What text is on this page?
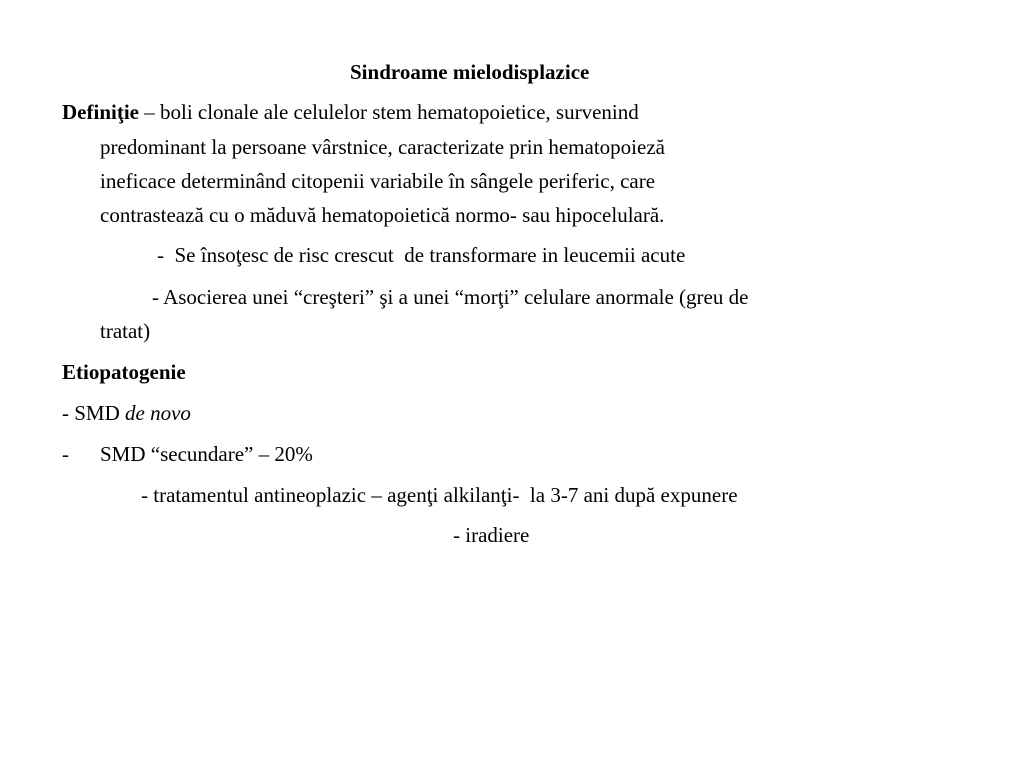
Sindroame mielodisplazice
Definiţie – boli clonale ale celulelor stem hematopoietice, survenind
predominant la persoane vârstnice, caracterizate prin hematopoieză
ineficace determinând citopenii variabile în sângele periferic, care
contrastează cu o măduvă hematopoietică normo- sau hipocelulară.
-  Se însoţesc de risc crescut  de transformare in leucemii acute
- Asocierea unei “creşteri” şi a unei “morţi” celulare anormale (greu de
tratat)
Etiopatogenie
- SMD de novo
- SMD “secundare” – 20%
- tratamentul antineoplazic – agenţi alkilanţi-  la 3-7 ani după expunere
- iradiere
